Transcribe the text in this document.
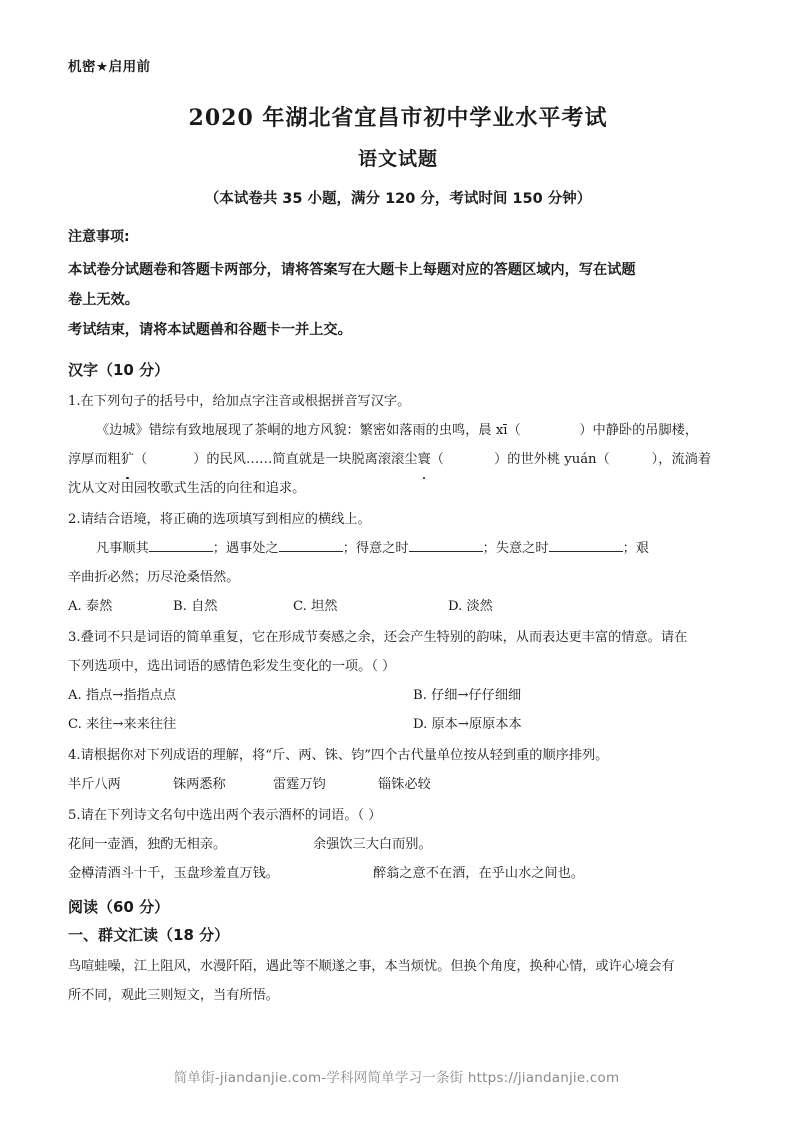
机密★启用前
2020 年湖北省宜昌市初中学业水平考试
语文试题
（本试卷共 35 小题，满分 120 分，考试时间 150 分钟）
注意事项:

本试卷分试题卷和答题卡两部分，请将答案写在大题卡上每题对应的答题区域内，写在试题

卷上无效。

考试结束，请将本试题兽和谷题卡一并上交。

汉字（10 分）

1.在下列句子的括号中，给加点字注音或根据拼音写汉字。

《边城》错综有致地展现了茶峒的地方风貌：繁密如落雨的虫鸣，晨 xī（	）中静卧的吊脚楼，

淳厚而粗犷（	）的民风……简直就是一块脱离滚滚尘寰（	）的世外桃 yuán（	），流淌着

沈从文对田园牧歌式生活的向往和追求。

2.请结合语境，将正确的选项填写到相应的横线上。

凡事顺其	；遇事处之	；得意之时	；失意之时	；艰

辛曲折必然；历尽沧桑悟然。

A. 泰然	B. 自然	C. 坦然	D. 淡然

3.叠词不只是词语的简单重复，它在形成节奏感之余，还会产生特别的韵味，从而表达更丰富的情意。请在

下列选项中，选出词语的感情色彩发生变化的一项。（ ）

A. 指点→指指点点	B. 仔细→仔仔细细
C. 来往→来来往往	D. 原本→原原本本

4.请根据你对下列成语的理解，将“斤、两、铢、钧”四个古代量单位按从轻到重的顺序排列。

半斤八两	铢两悉称	雷霆万钧	锱铢必较

5.请在下列诗文名句中选出两个表示酒杯的词语。（ ）

花间一壶酒，独酌无相亲。	余强饮三大白而别。
金樽清酒斗十千，玉盘珍羞直万钱。	醉翁之意不在酒，在乎山水之间也。
阅读（60 分）
一、群文汇读（18 分）

鸟喧蛙噪，江上阻风，水漫阡陌，遇此等不顺遂之事，本当烦忧。但换个角度，换种心情，或许心境会有

所不同，观此三则短文，当有所悟。

简单街-jiandanjie.com-学科网简单学习一条街 https://jiandanjie.com
